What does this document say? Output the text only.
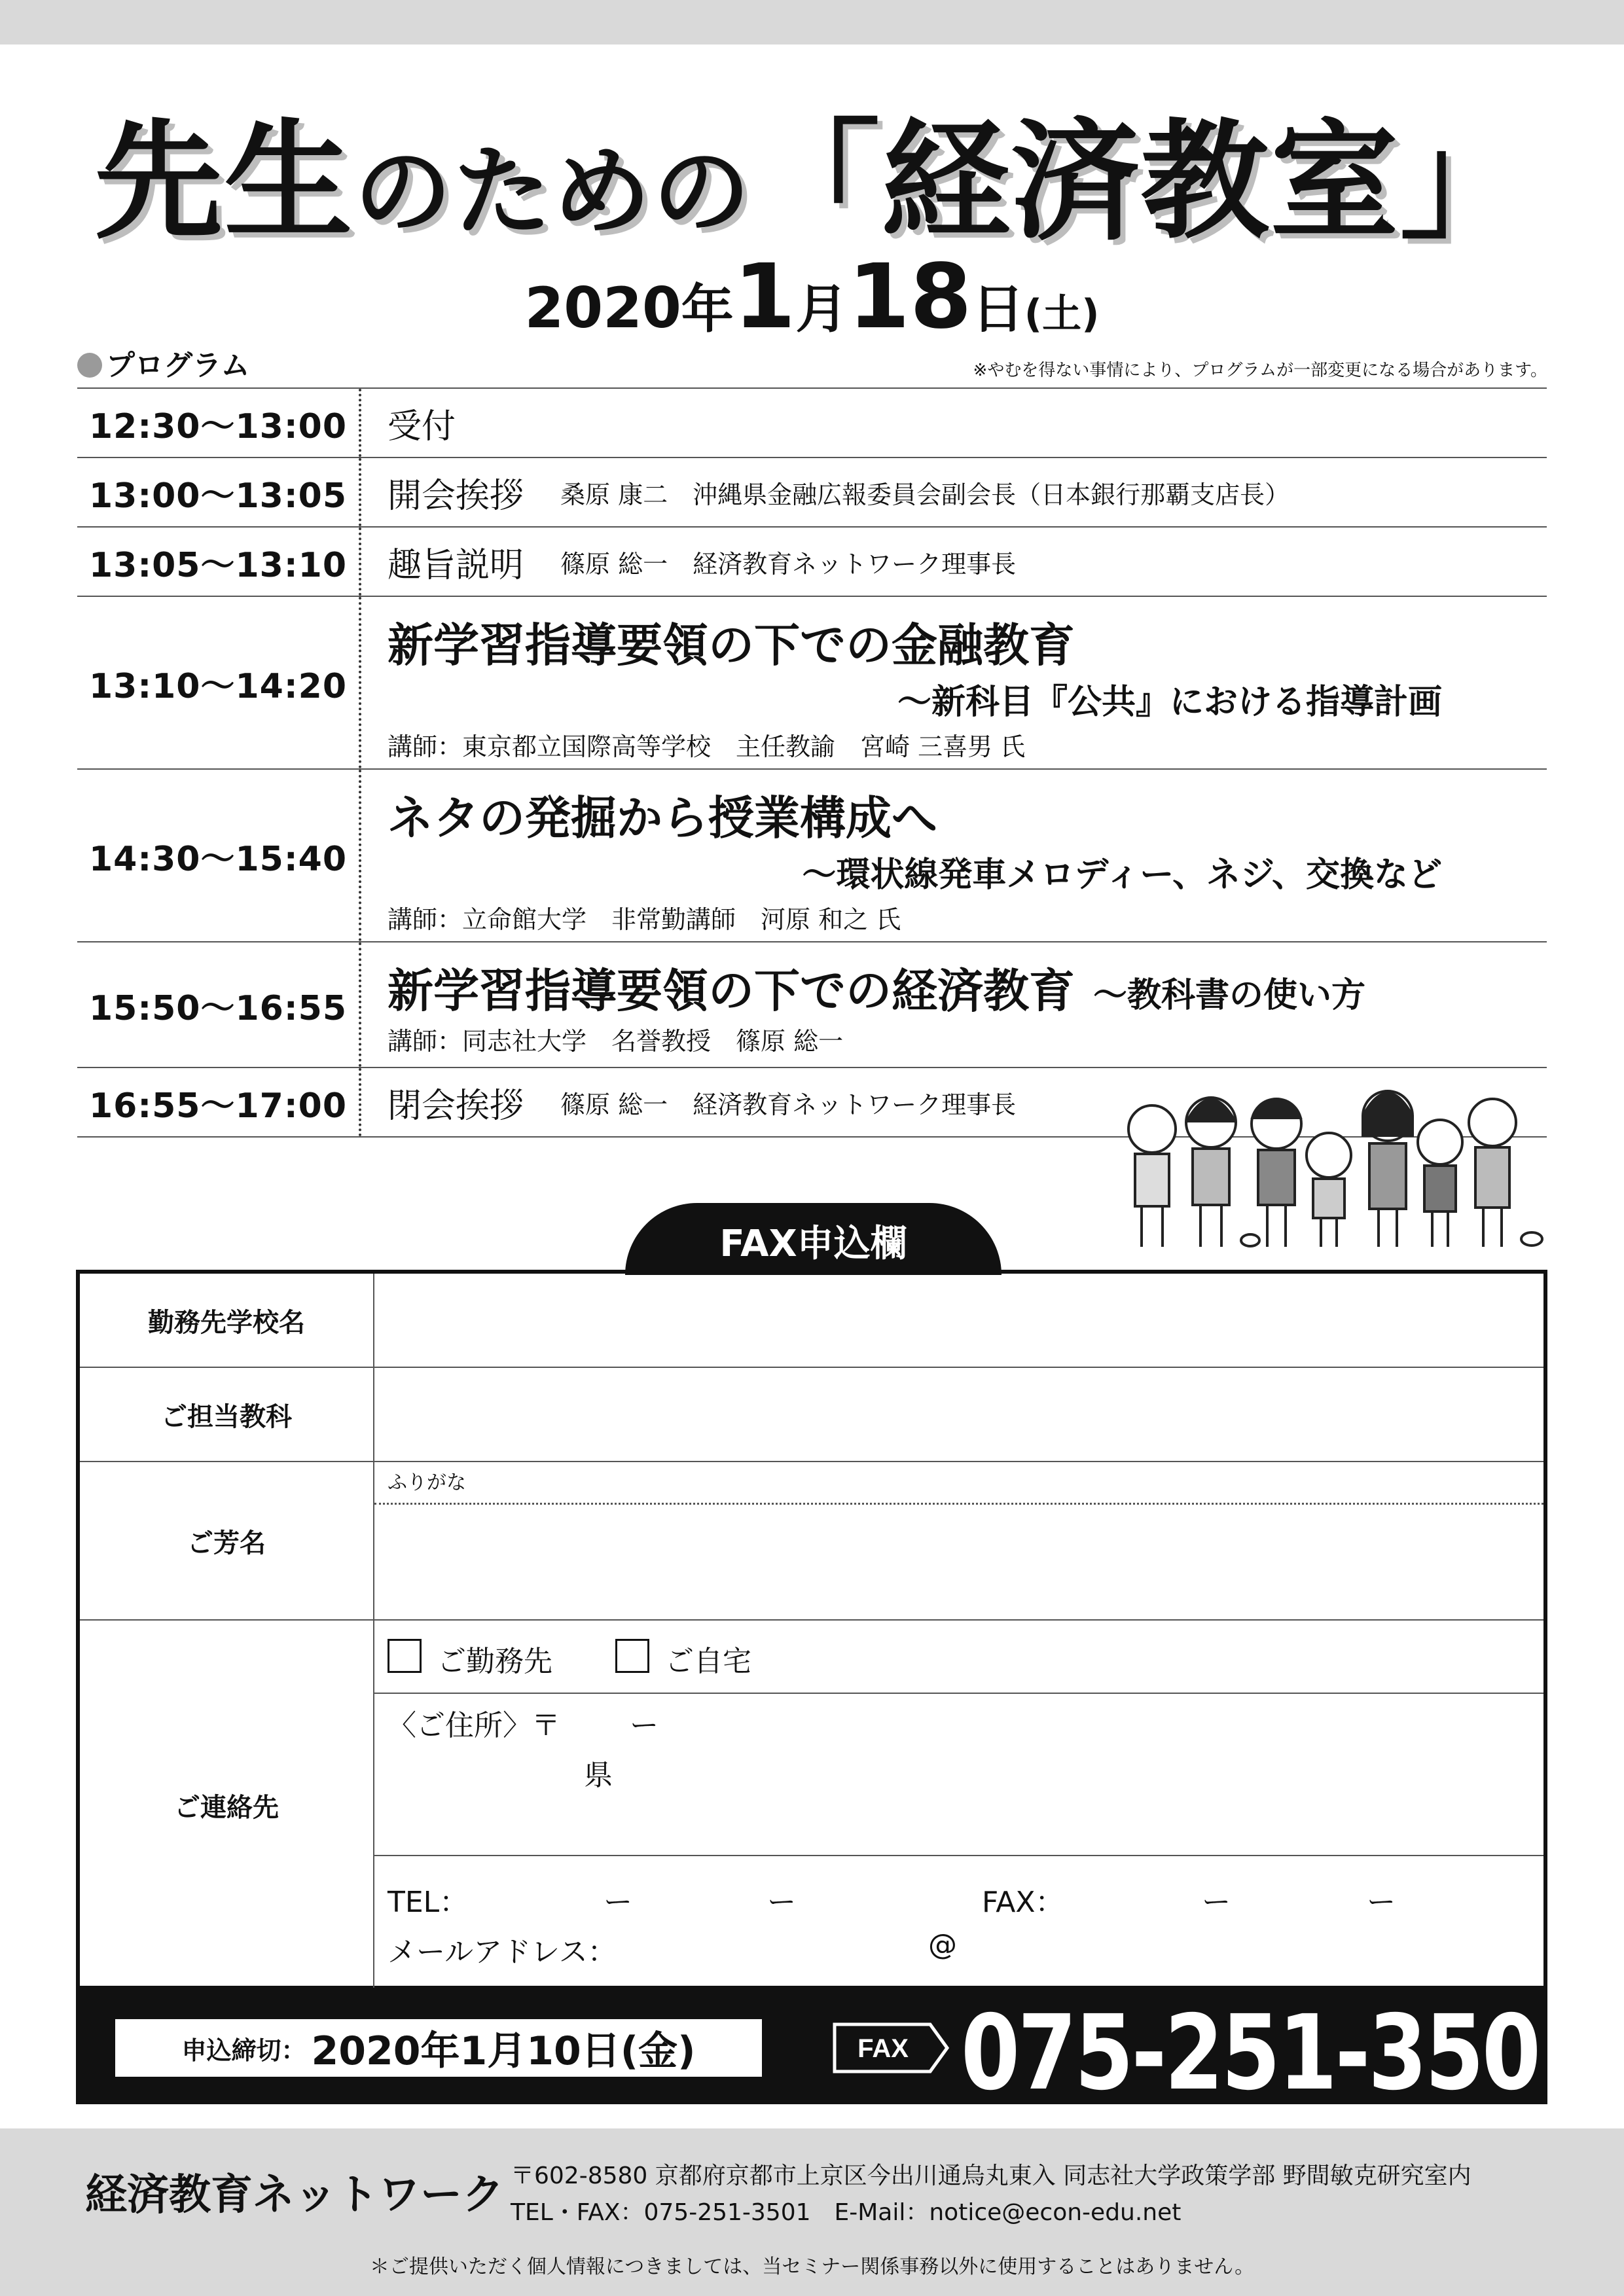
先生のための「経済教室」
2020年1月18日(土)
プログラム	※やむを得ない事情により、プログラムが一部変更になる場合があります。
12:30～13:00	受付
13:00～13:05	開会挨拶 桑原 康二　沖縄県金融広報委員会副会長（日本銀行那覇支店長）
13:05～13:10	趣旨説明 篠原 総一　経済教育ネットワーク理事長
13:10～14:20
新学習指導要領の下での金融教育
～新科目『公共』における指導計画
講師：東京都立国際高等学校　主任教諭　宮崎 三喜男 氏
14:30～15:40
ネタの発掘から授業構成へ
～環状線発車メロディー、ネジ、交換など
講師：立命館大学　非常勤講師　河原 和之 氏
15:50～16:55 新学習指導要領の下での経済教育 ～教科書の使い方
講師：同志社大学　名誉教授　篠原 総一
16:55～17:00	閉会挨拶 篠原 総一　経済教育ネットワーク理事長
FAX申込欄
勤務先学校名
ご担当教科
ご芳名
ふりがな
ご連絡先
ご勤務先	ご自宅
〈ご住所〉〒 ー
県
TEL：	ー	ー	FAX：	ー	ー
メールアドレス：	@
申込締切： 2020年1月10日(金)	FAX 075-251-3501
経済教育ネットワーク 〒602-8580 京都府京都市上京区今出川通烏丸東入 同志社大学政策学部 野間敏克研究室内
TEL・FAX：075-251-3501　E-Mail：notice@econ-edu.net
＊ご提供いただく個人情報につきましては、当セミナー関係事務以外に使用することはありません。
